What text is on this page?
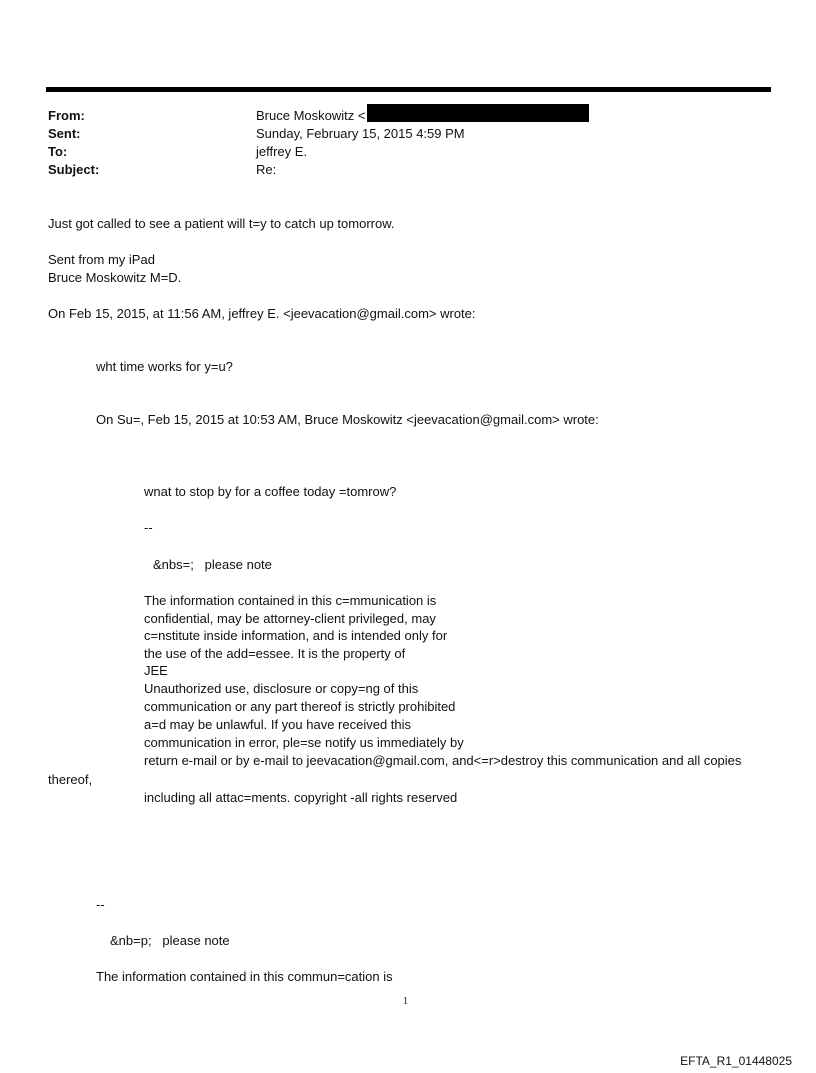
From:	Bruce Moskowitz <
Sent:	Sunday, February 15, 2015 4:59 PM
To:	jeffrey E.
Subject:	Re:
Just got called to see a patient will t=y to catch up tomorrow.
Sent from my iPad
Bruce Moskowitz M=D.
On Feb 15, 2015, at 11:56 AM, jeffrey E. <jeevacation@gmail.com> wrote:
wht time works for y=u?
On Su=, Feb 15, 2015 at 10:53 AM, Bruce Moskowitz <jeevacation@gmail.com> wrote:
wnat to stop by for a coffee today =tomrow?
--
&nbs=;   please note
The information contained in this c=mmunication is
confidential, may be attorney-client privileged, may
c=nstitute inside information, and is intended only for
the use of the add=essee. It is the property of
JEE
Unauthorized use, disclosure or copy=ng of this
communication or any part thereof is strictly prohibited
a=d may be unlawful. If you have received this
communication in error, ple=se notify us immediately by
return e-mail or by e-mail to jeevacation@gmail.com, and<=r>destroy this communication and all copies
thereof,
including all attac=ments. copyright -all rights reserved
--
&nb=p;   please note
The information contained in this commun=cation is
1
EFTA_R1_01448025
